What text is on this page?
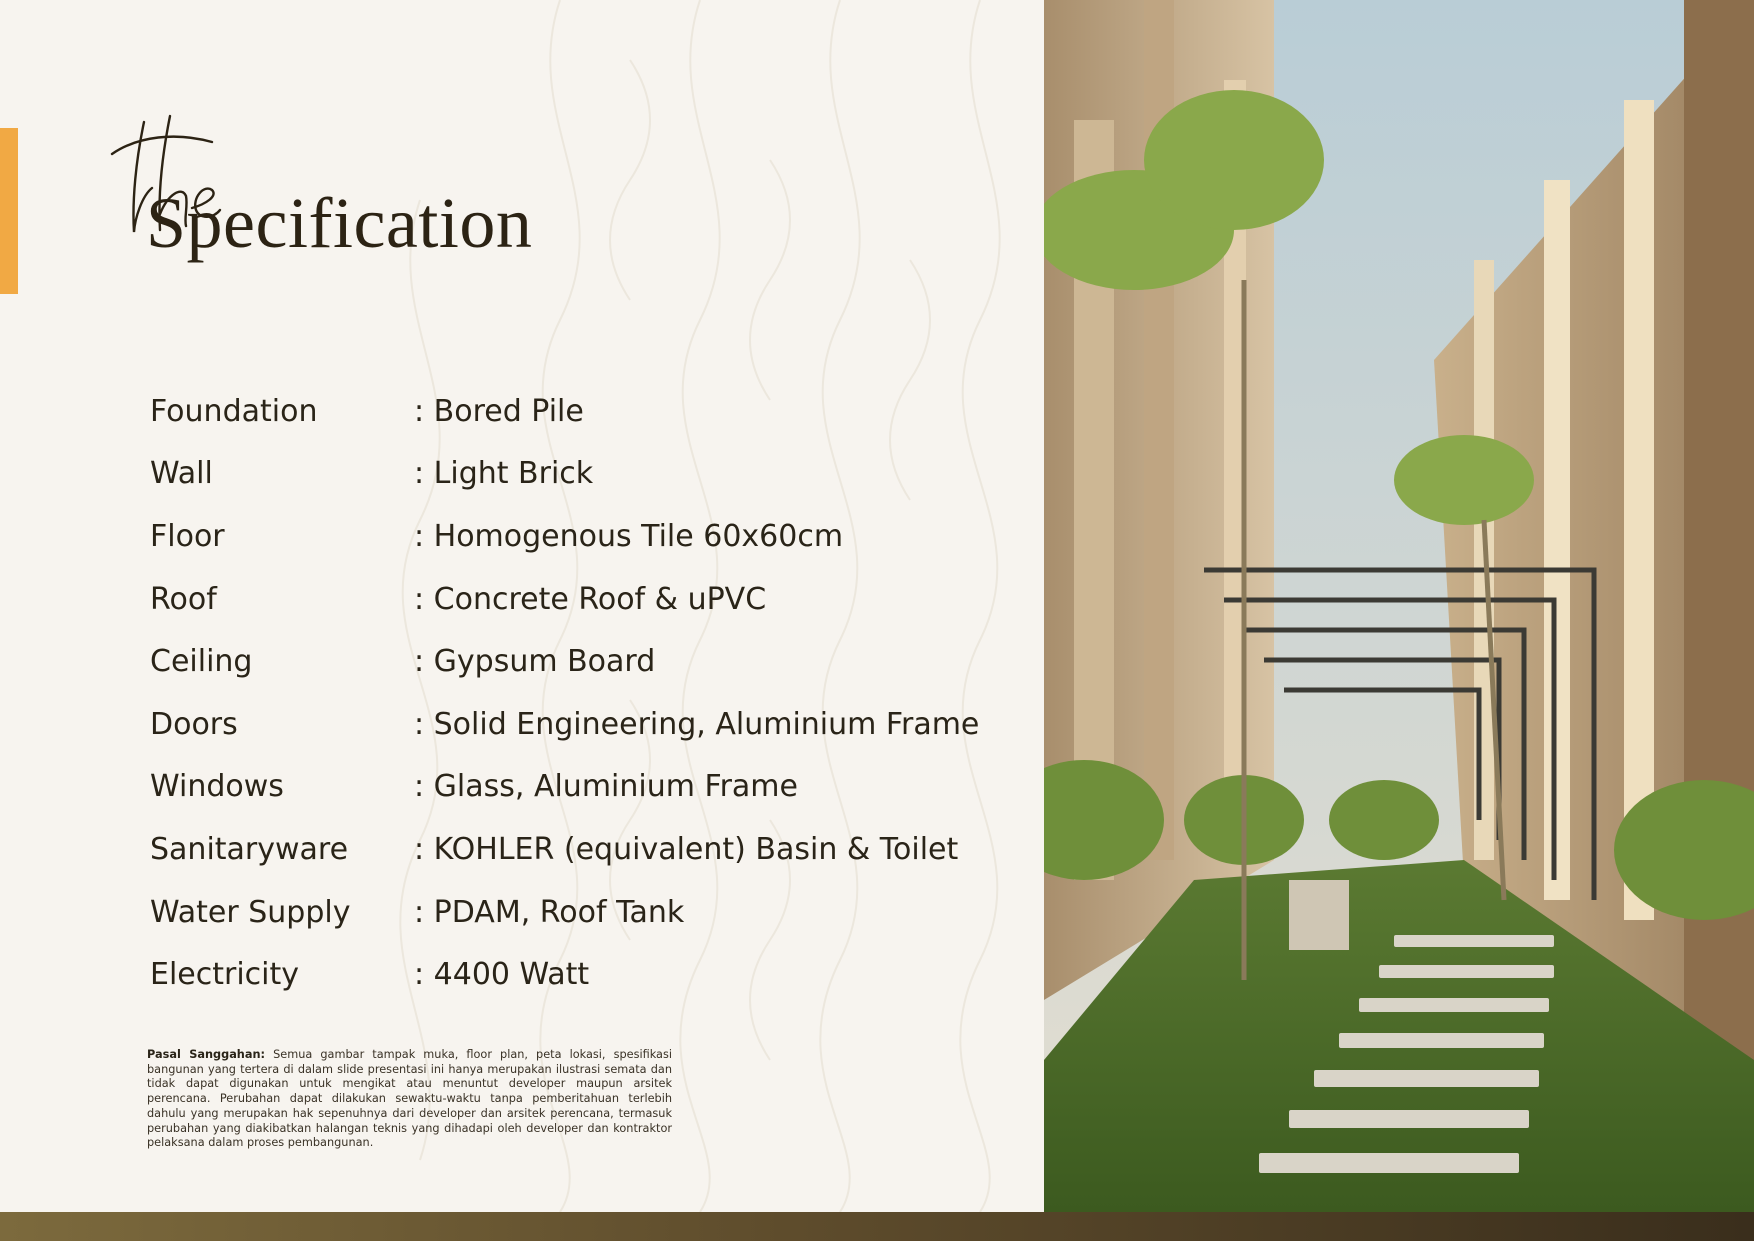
Specification
Foundation	: Bored Pile
Wall	: Light Brick
Floor	: Homogenous Tile 60x60cm
Roof	: Concrete Roof & uPVC
Ceiling	: Gypsum Board
Doors	: Solid Engineering, Aluminium Frame
Windows	: Glass, Aluminium Frame
Sanitaryware	: KOHLER (equivalent) Basin & Toilet
Water Supply	: PDAM, Roof Tank
Electricity	: 4400 Watt

Pasal Sanggahan: Semua gambar tampak muka, floor plan, peta lokasi, spesifikasi bangunan yang tertera di dalam slide presentasi ini hanya merupakan ilustrasi semata dan tidak dapat digunakan untuk mengikat atau menuntut developer maupun arsitek perencana. Perubahan dapat dilakukan sewaktu-waktu tanpa pemberitahuan terlebih dahulu yang merupakan hak sepenuhnya dari developer dan arsitek perencana, termasuk perubahan yang diakibatkan halangan teknis yang dihadapi oleh developer dan kontraktor pelaksana dalam proses pembangunan.
